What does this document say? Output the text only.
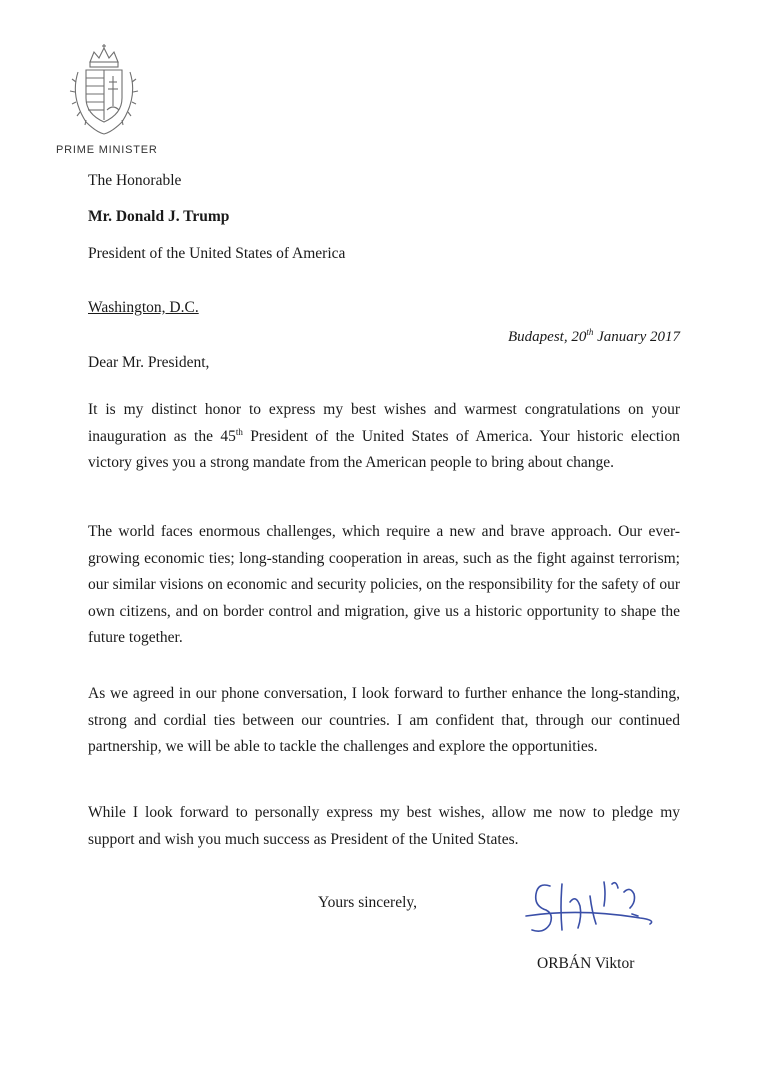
PRIME MINISTER
The Honorable
Mr. Donald J. Trump
President of the United States of America
Washington, D.C.
Budapest, 20th January 2017
Dear Mr. President,

It is my distinct honor to express my best wishes and warmest congratulations on your inauguration as the 45th President of the United States of America. Your historic election victory gives you a strong mandate from the American people to bring about change.

The world faces enormous challenges, which require a new and brave approach. Our ever-growing economic ties; long-standing cooperation in areas, such as the fight against terrorism; our similar visions on economic and security policies, on the responsibility for the safety of our own citizens, and on border control and migration, give us a historic opportunity to shape the future together.

As we agreed in our phone conversation, I look forward to further enhance the long-standing, strong and cordial ties between our countries. I am confident that, through our continued partnership, we will be able to tackle the challenges and explore the opportunities.

While I look forward to personally express my best wishes, allow me now to pledge my support and wish you much success as President of the United States.

Yours sincerely,
ORBÁN Viktor
